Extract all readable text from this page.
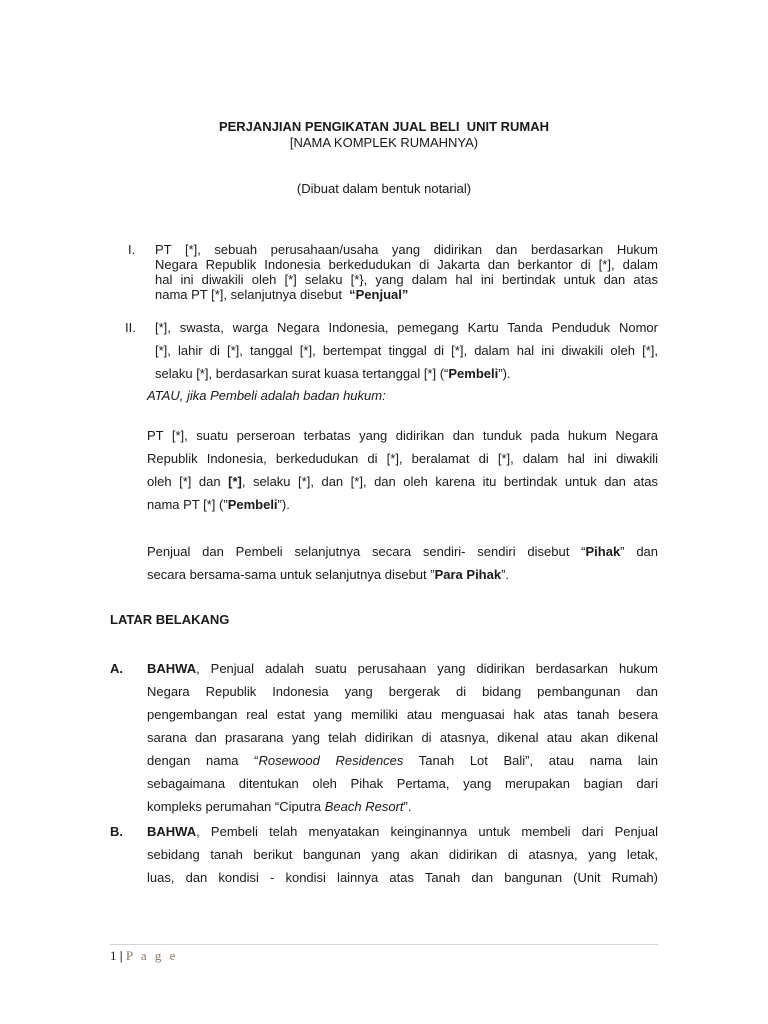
PERJANJIAN PENGIKATAN JUAL BELI  UNIT RUMAH
[NAMA KOMPLEK RUMAHNYA)
(Dibuat dalam bentuk notarial)
I. PT [*], sebuah perusahaan/usaha yang didirikan dan berdasarkan Hukum
Negara Republik Indonesia berkedudukan di Jakarta dan berkantor di [*], dalam
hal ini diwakili oleh [*] selaku [*}, yang dalam hal ini bertindak untuk dan atas
nama PT [*], selanjutnya disebut  “Penjual”
II. [*], swasta, warga Negara Indonesia, pemegang Kartu Tanda Penduduk Nomor
[*], lahir di [*], tanggal [*], bertempat tinggal di [*], dalam hal ini diwakili oleh [*],
selaku [*], berdasarkan surat kuasa tertanggal [*] (“Pembeli”).
ATAU, jika Pembeli adalah badan hukum:
PT [*], suatu perseroan terbatas yang didirikan dan tunduk pada hukum Negara
Republik Indonesia, berkedudukan di [*], beralamat di [*], dalam hal ini diwakili
oleh [*] dan [*], selaku [*], dan [*], dan oleh karena itu bertindak untuk dan atas
nama PT [*] (”Pembeli”).
Penjual dan Pembeli selanjutnya secara sendiri- sendiri disebut “Pihak” dan
secara bersama-sama untuk selanjutnya disebut ”Para Pihak”.
LATAR BELAKANG
A. BAHWA, Penjual adalah suatu perusahaan yang didirikan berdasarkan hukum
Negara Republik Indonesia yang bergerak di bidang pembangunan dan
pengembangan real estat yang memiliki atau menguasai hak atas tanah besera
sarana dan prasarana yang telah didirikan di atasnya, dikenal atau akan dikenal
dengan nama “Rosewood Residences Tanah Lot Bali”, atau nama lain
sebagaimana ditentukan oleh Pihak Pertama, yang merupakan bagian dari
kompleks perumahan “Ciputra Beach Resort”.
B. BAHWA, Pembeli telah menyatakan keinginannya untuk membeli dari Penjual
sebidang tanah berikut bangunan yang akan didirikan di atasnya, yang letak,
luas, dan kondisi - kondisi lainnya atas Tanah dan bangunan (Unit Rumah)
1 | P a g e
